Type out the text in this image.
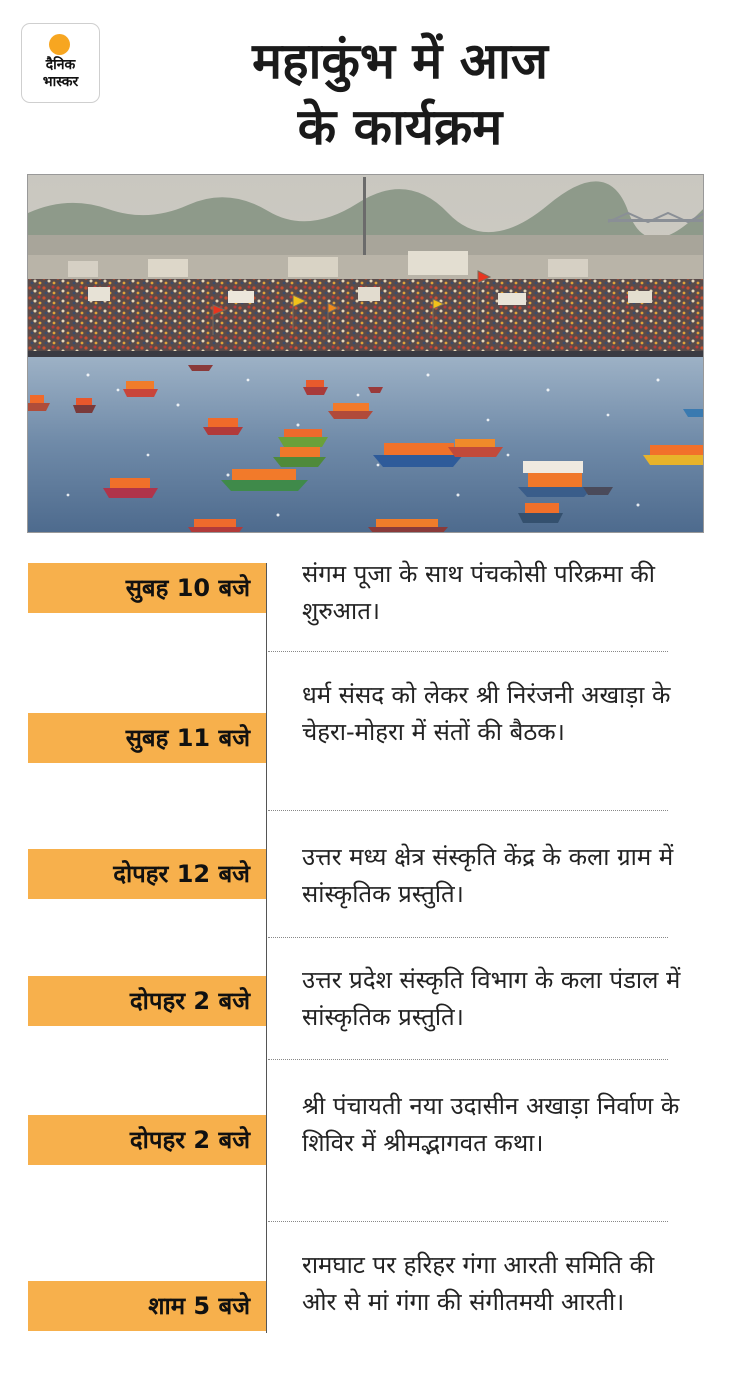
दैनिक
भास्कर	महाकुंभ में आज
के कार्यक्रम
सुबह 10 बजे	संगम पूजा के साथ पंचकोसी परिक्रमा की शुरुआत।
सुबह 11 बजे
धर्म संसद को लेकर श्री निरंजनी अखाड़ा के चेहरा-मोहरा में संतों की बैठक।
दोपहर 12 बजे
उत्तर मध्य क्षेत्र संस्कृति केंद्र के कला ग्राम में सांस्कृतिक प्रस्तुति।
दोपहर 2 बजे
उत्तर प्रदेश संस्कृति विभाग के कला पंडाल में सांस्कृतिक प्रस्तुति।
दोपहर 2 बजे
श्री पंचायती नया उदासीन अखाड़ा निर्वाण के शिविर में श्रीमद्भागवत कथा।
शाम 5 बजे
रामघाट पर हरिहर गंगा आरती समिति की ओर से मां गंगा की संगीतमयी आरती।
